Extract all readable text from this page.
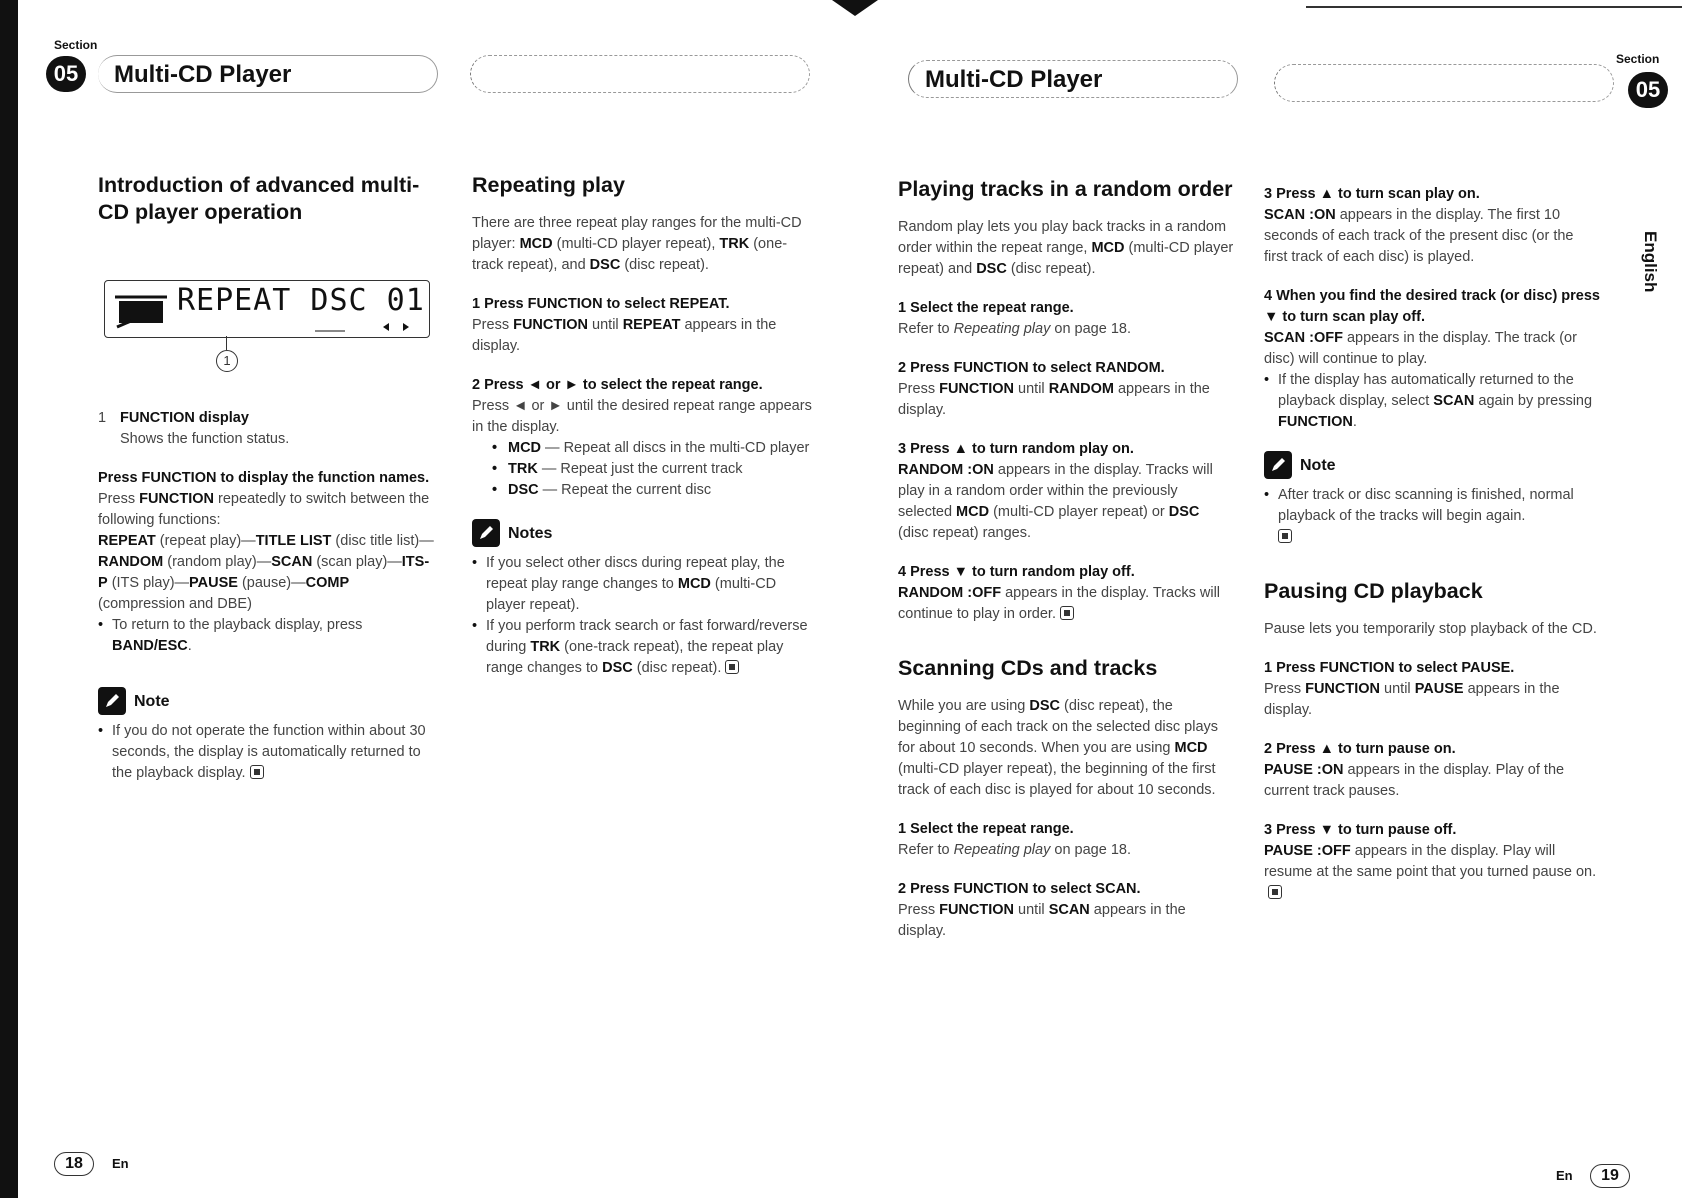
Section
05	Multi-CD Player	Multi-CD Player
Section
05
English
REPEAT DSC 01
1
Introduction of advanced multi-CD player operation

1 FUNCTION display
Shows the function status.

Press FUNCTION to display the function names.

Press FUNCTION repeatedly to switch between the following functions:

REPEAT (repeat play)—TITLE LIST (disc title list)—RANDOM (random play)—SCAN (scan play)—ITS-P (ITS play)—PAUSE (pause)—COMP (compression and DBE)

• To return to the playback display, press BAND/ESC.
Note
• If you do not operate the function within about 30 seconds, the display is automatically returned to the playback display.
Repeating play

There are three repeat play ranges for the multi-CD player: MCD (multi-CD player repeat), TRK (one-track repeat), and DSC (disc repeat).

1 Press FUNCTION to select REPEAT.

Press FUNCTION until REPEAT appears in the display.

2 Press ◄ or ► to select the repeat range.

Press ◄ or ► until the desired repeat range appears in the display.

• MCD — Repeat all discs in the multi-CD player
• TRK — Repeat just the current track
• DSC — Repeat the current disc
Notes
• If you select other discs during repeat play, the repeat play range changes to MCD (multi-CD player repeat).
• If you perform track search or fast forward/reverse during TRK (one-track repeat), the repeat play range changes to DSC (disc repeat).
Playing tracks in a random order

Random play lets you play back tracks in a random order within the repeat range, MCD (multi-CD player repeat) and DSC (disc repeat).

1 Select the repeat range.

Refer to Repeating play on page 18.

2 Press FUNCTION to select RANDOM.

Press FUNCTION until RANDOM appears in the display.

3 Press ▲ to turn random play on.

RANDOM :ON appears in the display. Tracks will play in a random order within the previously selected MCD (multi-CD player repeat) or DSC (disc repeat) ranges.

4 Press ▼ to turn random play off.

RANDOM :OFF appears in the display. Tracks will continue to play in order.

Scanning CDs and tracks

While you are using DSC (disc repeat), the beginning of each track on the selected disc plays for about 10 seconds. When you are using MCD (multi-CD player repeat), the beginning of the first track of each disc is played for about 10 seconds.

1 Select the repeat range.

Refer to Repeating play on page 18.

2 Press FUNCTION to select SCAN.

Press FUNCTION until SCAN appears in the display.

3 Press ▲ to turn scan play on.

SCAN :ON appears in the display. The first 10 seconds of each track of the present disc (or the first track of each disc) is played.

4 When you find the desired track (or disc) press ▼ to turn scan play off.

SCAN :OFF appears in the display. The track (or disc) will continue to play.

• If the display has automatically returned to the playback display, select SCAN again by pressing FUNCTION.
Note
• After track or disc scanning is finished, normal playback of the tracks will begin again.

Pausing CD playback

Pause lets you temporarily stop playback of the CD.

1 Press FUNCTION to select PAUSE.

Press FUNCTION until PAUSE appears in the display.

2 Press ▲ to turn pause on.

PAUSE :ON appears in the display. Play of the current track pauses.

3 Press ▼ to turn pause off.

PAUSE :OFF appears in the display. Play will resume at the same point that you turned pause on.

18	En
En	19
